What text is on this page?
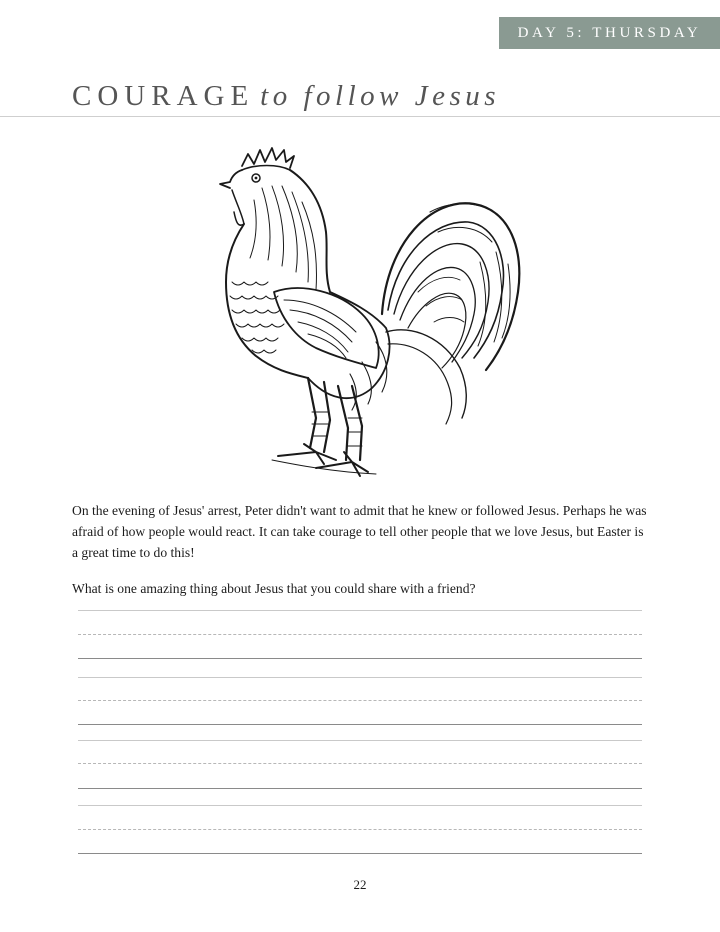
DAY 5: THURSDAY
COURAGE to follow Jesus

On the evening of Jesus' arrest, Peter didn't want to admit that he knew or followed Jesus. Perhaps he was afraid of how people would react. It can take courage to tell other people that we love Jesus, but Easter is a great time to do this!

What is one amazing thing about Jesus that you could share with a friend?

22
